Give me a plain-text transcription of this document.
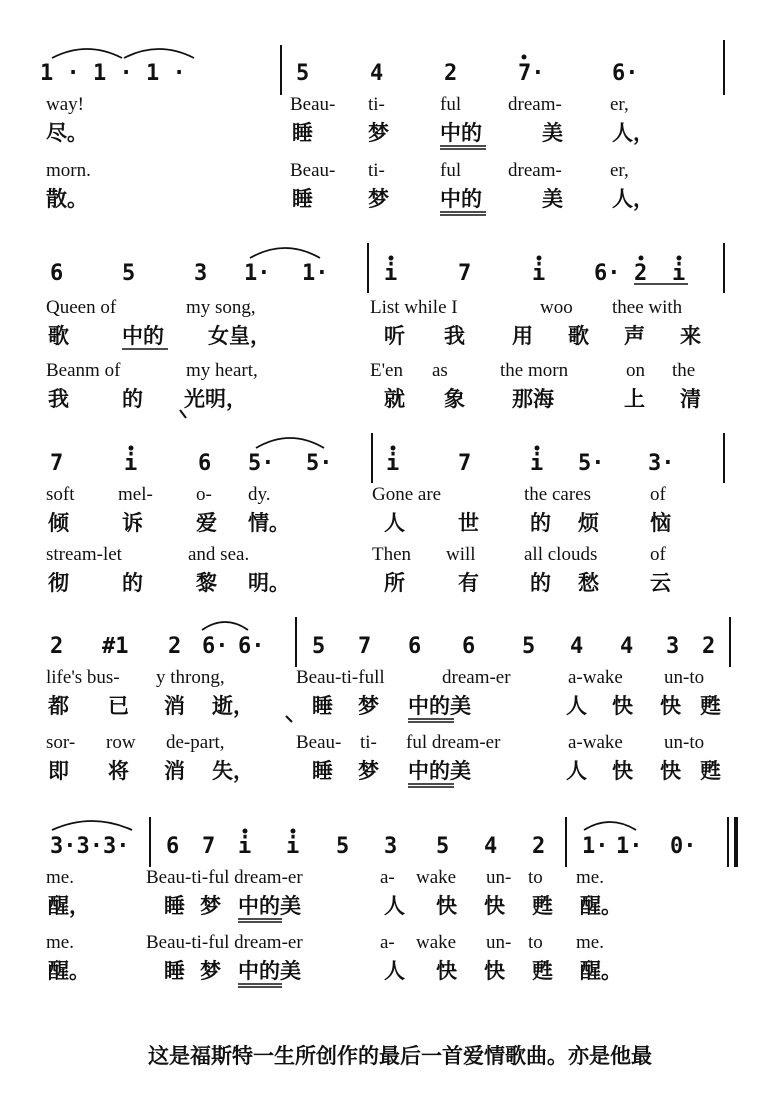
1 · 1 · 1 ·	5	4	2	7·	6·
way!	Beau- ti-	ful dream-	er,
尽。	睡	梦 中的	美 人，
morn.	Beau- ti-	ful dream-	er,
散。	睡	梦 中的	美 人，
6	5	3 1· 1·	i	7	i 6· 2 i
Queen of	my song,	List while I	woo thee with
歌	中的 女皇，	听 我 用 歌 声 来
Beanm of	my heart,	E'en as	the morn	on the
我	的 光明，	就 象 那海	上 清
7	i	6 5· 5· i	7	i 5· 3·
soft mel- o- dy.	Gone are	the cares	of
倾	诉	爱 情。	人	世 的 烦 恼
stream-let	and sea.	Then will	all clouds	of
彻	的	黎 明。	所	有 的 愁 云
2 #1 2 6· 6· 5 7 6 6 5 4 4 3 2
life's bus- y throng,	Beau-ti-full	dream-er	a-wake un-to
都 已 消 逝，	睡 梦 中的美	人 快 快 甦
sor- row de-part,	Beau- ti- ful dream-er	a-wake un-to
即 将 消 失，	睡 梦 中的美	人 快 快 甦
3·3·3· 6 7 i i 5 3 5 4 2 1· 1· 0·
me.	Beau-ti-ful dream-er	a- wake un- to me.
醒，	睡 梦 中的美	人 快 快 甦 醒。
me.	Beau-ti-ful dream-er	a- wake un- to me.
醒。	睡 梦 中的美	人 快 快 甦 醒。
这是福斯特一生所创作的最后一首爱情歌曲。亦是他最
